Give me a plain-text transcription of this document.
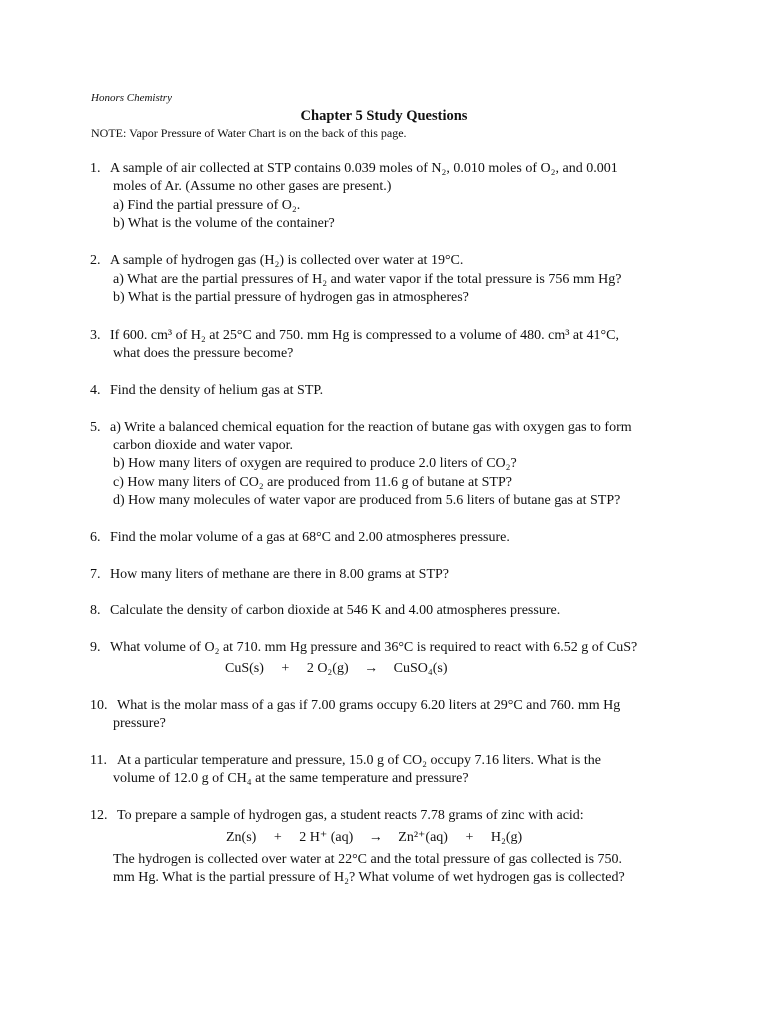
Honors Chemistry
Chapter 5 Study Questions
NOTE: Vapor Pressure of Water Chart is on the back of this page.
1. A sample of air collected at STP contains 0.039 moles of N₂, 0.010 moles of O₂, and 0.001
moles of Ar. (Assume no other gases are present.)
a) Find the partial pressure of O₂.
b) What is the volume of the container?
2. A sample of hydrogen gas (H₂) is collected over water at 19°C.
a) What are the partial pressures of H₂ and water vapor if the total pressure is 756 mm Hg?
b) What is the partial pressure of hydrogen gas in atmospheres?
3. If 600. cm³ of H₂ at 25°C and 750. mm Hg is compressed to a volume of 480. cm³ at 41°C,
what does the pressure become?
4. Find the density of helium gas at STP.
5. a) Write a balanced chemical equation for the reaction of butane gas with oxygen gas to form
carbon dioxide and water vapor.
b) How many liters of oxygen are required to produce 2.0 liters of CO₂?
c) How many liters of CO₂ are produced from 11.6 g of butane at STP?
d) How many molecules of water vapor are produced from 5.6 liters of butane gas at STP?
6. Find the molar volume of a gas at 68°C and 2.00 atmospheres pressure.
7. How many liters of methane are there in 8.00 grams at STP?
8. Calculate the density of carbon dioxide at 546 K and 4.00 atmospheres pressure.
9. What volume of O₂ at 710. mm Hg pressure and 36°C is required to react with 6.52 g of CuS?
CuS(s) + 2 O₂(g) → CuSO₄(s)
10. What is the molar mass of a gas if 7.00 grams occupy 6.20 liters at 29°C and 760. mm Hg
pressure?
11. At a particular temperature and pressure, 15.0 g of CO₂ occupy 7.16 liters. What is the
volume of 12.0 g of CH₄ at the same temperature and pressure?
12. To prepare a sample of hydrogen gas, a student reacts 7.78 grams of zinc with acid:
Zn(s) + 2 H⁺ (aq) → Zn²⁺(aq) + H₂(g)
The hydrogen is collected over water at 22°C and the total pressure of gas collected is 750.
mm Hg. What is the partial pressure of H₂? What volume of wet hydrogen gas is collected?
